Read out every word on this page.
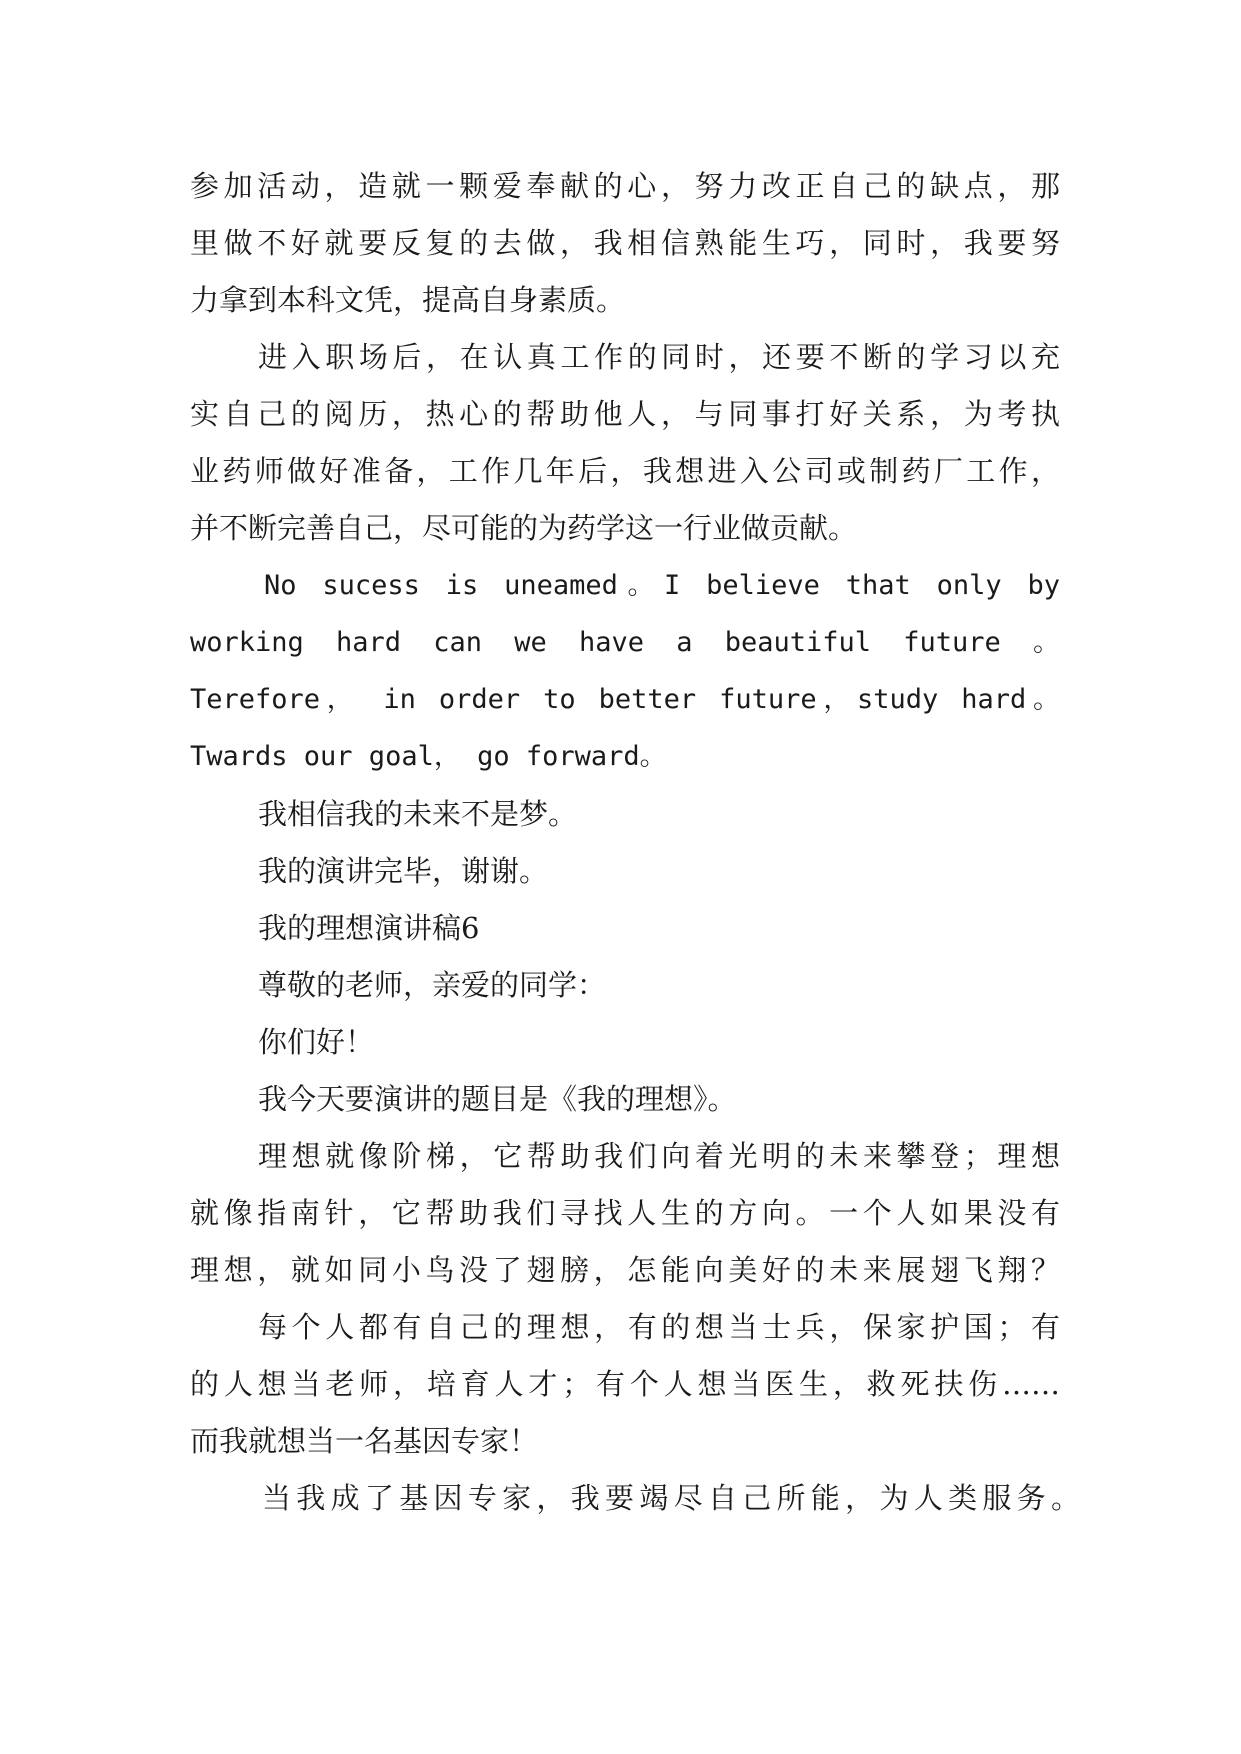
参加活动，造就一颗爱奉献的心，努力改正自己的缺点，那
里做不好就要反复的去做，我相信熟能生巧，同时，我要努
力拿到本科文凭，提高自身素质。
进入职场后，在认真工作的同时，还要不断的学习以充
实自己的阅历，热心的帮助他人，与同事打好关系，为考执
业药师做好准备，工作几年后，我想进入公司或制药厂工作，
并不断完善自己，尽可能的为药学这一行业做贡献。
No sucess is uneamed。I believe that only by
working hard can we have a beautiful future 。
Terefore， in order to better future，study hard。
Twards our goal， go forward。
我相信我的未来不是梦。
我的演讲完毕，谢谢。
我的理想演讲稿6
尊敬的老师，亲爱的同学：
你们好！
我今天要演讲的题目是《我的理想》。
理想就像阶梯，它帮助我们向着光明的未来攀登；理想
就像指南针，它帮助我们寻找人生的方向。一个人如果没有
理想，就如同小鸟没了翅膀，怎能向美好的未来展翅飞翔？
每个人都有自己的理想，有的想当士兵，保家护国；有
的人想当老师，培育人才；有个人想当医生，救死扶伤……
而我就想当一名基因专家！
当我成了基因专家，我要竭尽自己所能，为人类服务。
